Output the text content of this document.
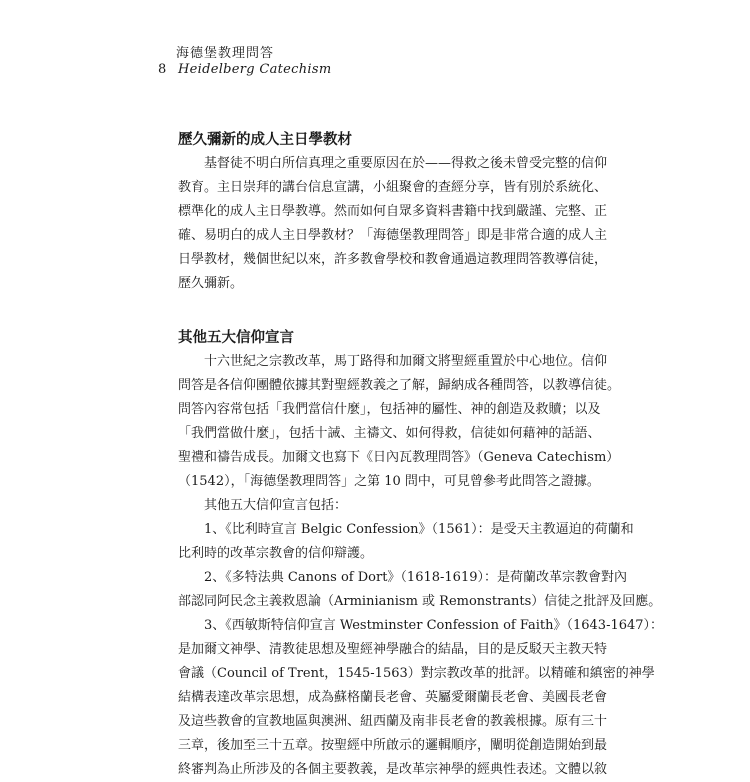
海德堡教理問答
8 Heidelberg Catechism
歷久彌新的成人主日學教材
基督徒不明白所信真理之重要原因在於——得救之後未曾受完整的信仰
教育。主日崇拜的講台信息宣講，小組聚會的查經分享，皆有別於系統化、
標準化的成人主日學教導。然而如何自眾多資料書籍中找到嚴謹、完整、正
確、易明白的成人主日學教材？「海德堡教理問答」即是非常合適的成人主
日學教材，幾個世紀以來，許多教會學校和教會通過這教理問答教導信徒，
歷久彌新。
其他五大信仰宣言
十六世紀之宗教改革，馬丁路得和加爾文將聖經重置於中心地位。信仰
問答是各信仰團體依據其對聖經教義之了解，歸納成各種問答，以教導信徒。
問答內容常包括「我們當信什麼」，包括神的屬性、神的創造及救贖；以及
「我們當做什麼」，包括十誡、主禱文、如何得救，信徒如何藉神的話語、
聖禮和禱告成長。加爾文也寫下《日內瓦教理問答》（Geneva Catechism）
（1542），「海德堡教理問答」之第 10 問中，可見曾參考此問答之證據。
其他五大信仰宣言包括：
1、《比利時宣言 Belgic Confession》（1561）：是受天主教逼迫的荷蘭和
比利時的改革宗教會的信仰辯護。
2、《多特法典 Canons of Dort》（1618-1619）：是荷蘭改革宗教會對內
部認同阿民念主義救恩論（Arminianism 或 Remonstrants）信徒之批評及回應。
3、《西敏斯特信仰宣言 Westminster Confession of Faith》（1643-1647）：
是加爾文神學、清教徒思想及聖經神學融合的結晶，目的是反駁天主教天特
會議（Council of Trent，1545-1563）對宗教改革的批評。以精確和縝密的神學
結構表達改革宗思想，成為蘇格蘭長老會、英屬愛爾蘭長老會、美國長老會
及這些教會的宣教地區與澳洲、紐西蘭及南非長老會的教義根據。原有三十
三章，後加至三十五章。按聖經中所啟示的邏輯順序，闡明從創造開始到最
終審判為止所涉及的各個主要教義，是改革宗神學的經典性表述。文體以敘
